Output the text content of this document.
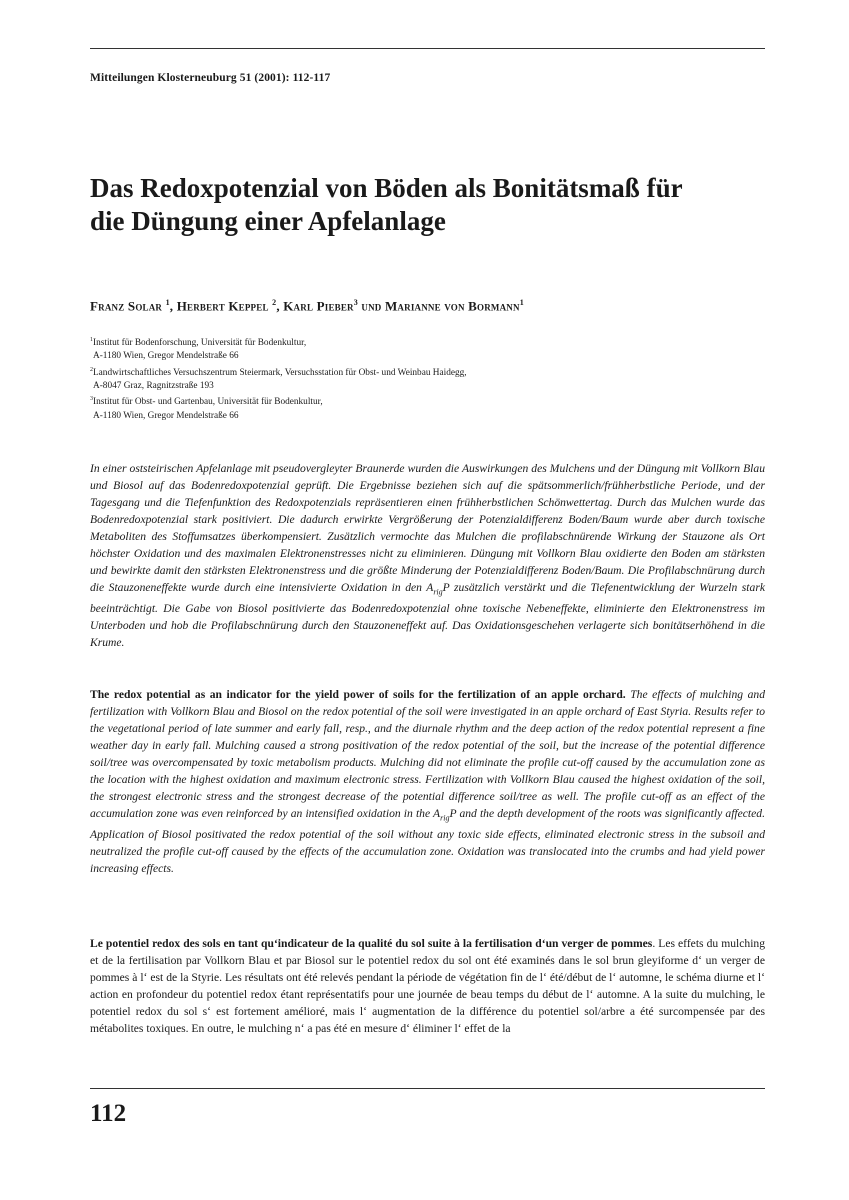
Mitteilungen Klosterneuburg 51 (2001): 112-117
Das Redoxpotenzial von Böden als Bonitätsmaß für
die Düngung einer Apfelanlage
Franz Solar $^1$, Herbert Keppel $^2$, Karl Pieber$^3$ und Marianne von Bormann$^1$
$^1$Institut für Bodenforschung, Universität für Bodenkultur,
A-1180 Wien, Gregor Mendelstraße 66
$^2$Landwirtschaftliches Versuchszentrum Steiermark, Versuchsstation für Obst- und Weinbau Haidegg,
A-8047 Graz, Ragnitzstraße 193
$^3$Institut für Obst- und Gartenbau, Universität für Bodenkultur,
A-1180 Wien, Gregor Mendelstraße 66

In einer oststeirischen Apfelanlage mit pseudovergleyter Braunerde wurden die Auswirkungen des Mulchens und der Düngung mit Vollkorn Blau und Biosol auf das Bodenredoxpotenzial geprüft. Die Ergebnisse beziehen sich auf die spätsommerlich/frühherbstliche Periode, und der Tagesgang und die Tiefenfunktion des Redoxpotenzials repräsentieren einen frühherbstlichen Schönwettertag. Durch das Mulchen wurde das Bodenredoxpotenzial stark positiviert. Die dadurch erwirkte Vergrößerung der Potenzialdifferenz Boden/Baum wurde aber durch toxische Metaboliten des Stoffumsatzes überkompensiert. Zusätzlich vermochte das Mulchen die profilabschnürende Wirkung der Stauzone als Ort höchster Oxidation und des maximalen Elektronenstresses nicht zu eliminieren. Düngung mit Vollkorn Blau oxidierte den Boden am stärksten und bewirkte damit den stärksten Elektronenstress und die größte Minderung der Potenzialdifferenz Boden/Baum. Die Profilabschnürung durch die Stauzoneneffekte wurde durch eine intensivierte Oxidation in den $A_{rig}P$ zusätzlich verstärkt und die Tiefenentwicklung der Wurzeln stark beeinträchtigt. Die Gabe von Biosol positivierte das Bodenredoxpotenzial ohne toxische Nebeneffekte, eliminierte den Elektronenstress im Unterboden und hob die Profilabschnürung durch den Stauzoneneffekt auf. Das Oxidationsgeschehen verlagerte sich bonitätserhöhend in die Krume.

The redox potential as an indicator for the yield power of soils for the fertilization of an apple orchard. The effects of mulching and fertilization with Vollkorn Blau and Biosol on the redox potential of the soil were investigated in an apple orchard of East Styria. Results refer to the vegetational period of late summer and early fall, resp., and the diurnale rhythm and the deep action of the redox potential represent a fine weather day in early fall. Mulching caused a strong positivation of the redox potential of the soil, but the increase of the potential difference soil/tree was overcompensated by toxic metabolism products. Mulching did not eliminate the profile cut-off caused by the accumulation zone as the location with the highest oxidation and maximum electronic stress. Fertilization with Vollkorn Blau caused the highest oxidation of the soil, the strongest electronic stress and the strongest decrease of the potential difference soil/tree as well. The profile cut-off as an effect of the accumulation zone was even reinforced by an intensified oxidation in the $A_{rig}P$ and the depth development of the roots was significantly affected. Application of Biosol positivated the redox potential of the soil without any toxic side effects, eliminated electronic stress in the subsoil and neutralized the profile cut-off caused by the effects of the accumulation zone. Oxidation was translocated into the crumbs and had yield power increasing effects.

Le potentiel redox des sols en tant qu‘indicateur de la qualité du sol suite à la fertilisation d‘un verger de pommes. Les effets du mulching et de la fertilisation par Vollkorn Blau et par Biosol sur le potentiel redox du sol ont été examinés dans le sol brun gleyiforme d‘ un verger de pommes à l‘ est de la Styrie. Les résultats ont été relevés pendant la période de végétation fin de l‘ été/début de l‘ automne, le schéma diurne et l‘ action en profondeur du potentiel redox étant représentatifs pour une journée de beau temps du début de l‘ automne. A la suite du mulching, le potentiel redox du sol s‘ est fortement amélioré, mais l‘ augmentation de la différence du potentiel sol/arbre a été surcompensée par des métabolites toxiques. En outre, le mulching n‘ a pas été en mesure d‘ éliminer l‘ effet de la

112
